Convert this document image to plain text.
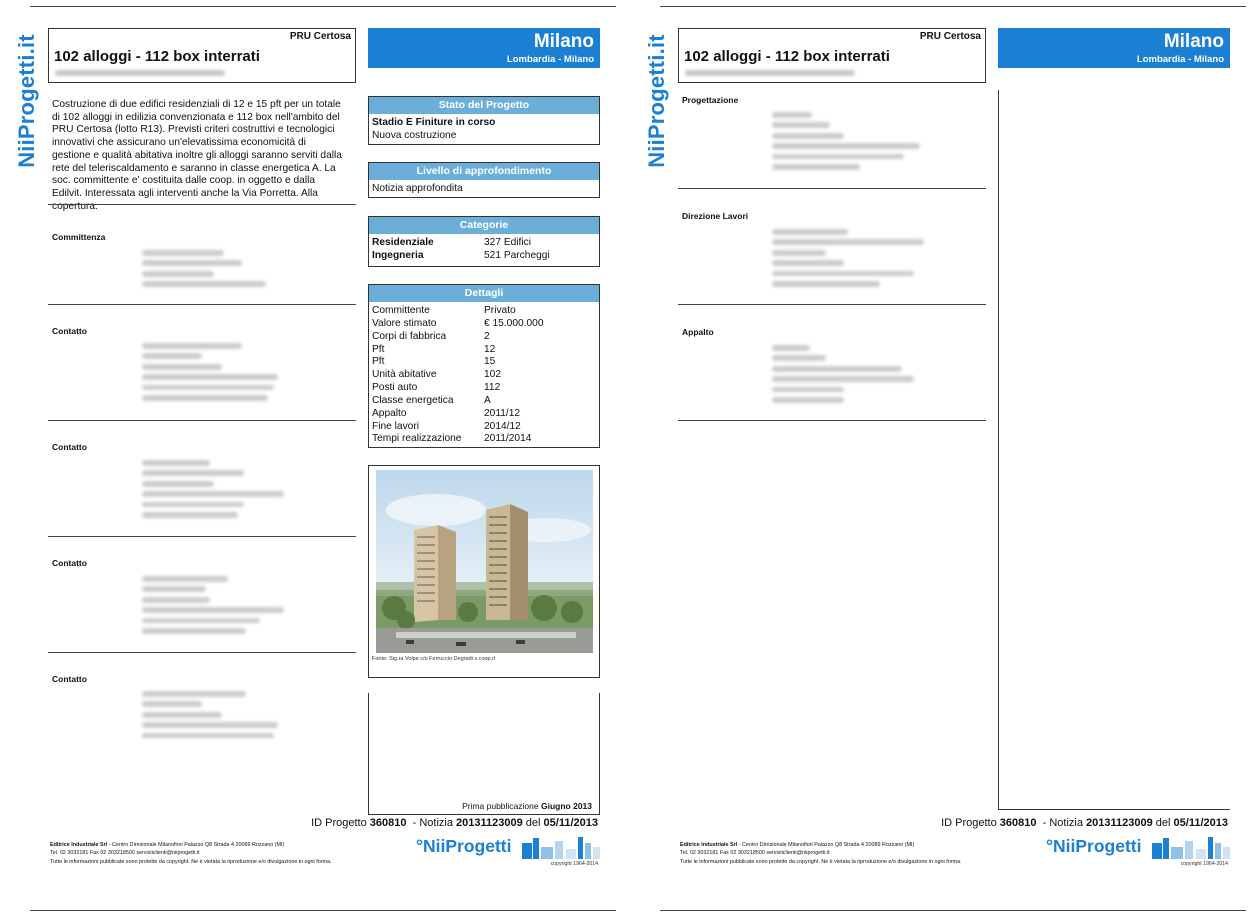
NiiProgetti.it	PRU Certosa
102 alloggi - 112 box interrati
Milano
Lombardia - Milano
Costruzione di due edifici residenziali di 12 e 15 pft per un totale di 102 alloggi in edilizia convenzionata e 112 box nell'ambito del PRU Certosa (lotto R13). Previsti criteri costruttivi e tecnologici innovativi che assicurano un'elevatissima economicità di gestione e qualità abitativa inoltre gli alloggi saranno serviti dalla rete del teleriscaldamento e saranno in classe energetica A. La soc. committente e' costituita dalle coop. in oggetto e dalla Edilvit. Interessata agli interventi anche la Via Porretta. Alla copertura.
Committenza
Contatto
Contatto
Contatto
Contatto
Stato del Progetto
Stadio E Finiture in corso
Nuova costruzione
Livello di approfondimento
Notizia approfondita
Categorie
Residenziale	327 Edifici
Ingegneria	521 Parcheggi
Dettagli
Committente	Privato
Valore stimato	€ 15.000.000
Corpi di fabbrica	2
Pft	12
Pft	15
Unità abitative	102
Posti auto	112
Classe energetica	A
Appalto	2011/12
Fine lavori	2014/12
Tempi realizzazione	2011/2014
Fonte: Sig.ra Volpe c/o Ferruccio Degradi s.coop.rl
Prima pubblicazione Giugno 2013
ID Progetto 360810 - Notizia 20131123009 del 05/11/2013
Editrice Industriale Srl - Centro Direzionale Milanofiori Palazzo Q8 Strada 4 20089 Rozzano (MI)
Tel. 02 3032181 Fax 02 303218500 serviziiclienti@niiprogetti.it
Tutte le informazioni pubblicate sono protette da copyright. Ne è vietata la riproduzione e/o divulgazione in ogni forma.
°NiiProgetti
copyright 1964-2014
NiiProgetti.it	PRU Certosa
102 alloggi - 112 box interrati
Milano
Lombardia - Milano
Progettazione
Direzione Lavori
Appalto
ID Progetto 360810 - Notizia 20131123009 del 05/11/2013
Editrice Industriale Srl - Centro Direzionale Milanofiori Palazzo Q8 Strada 4 20089 Rozzano (MI)
Tel. 02 3032181 Fax 02 303218500 serviziiclienti@niiprogetti.it
Tutte le informazioni pubblicate sono protette da copyright. Ne è vietata la riproduzione e/o divulgazione in ogni forma.
°NiiProgetti
copyright 1964-2014
